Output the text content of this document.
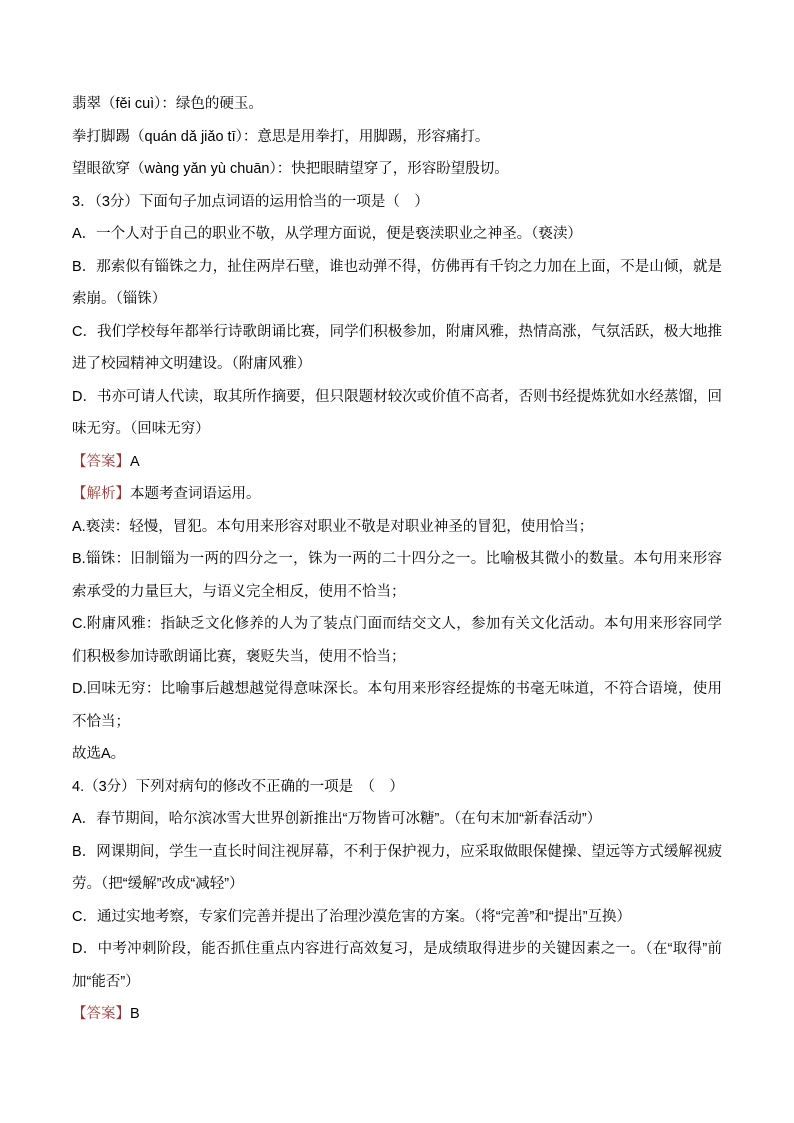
翡翠（fěi cuì）：绿色的硬玉。

拳打脚踢（quán dǎ jiǎo tī）：意思是用拳打，用脚踢，形容痛打。

望眼欲穿（wàng yǎn yù chuān）：快把眼睛望穿了，形容盼望殷切。

3．（3分）下面句子加点词语的运用恰当的一项是（　）

A．一个人对于自己的职业不敬，从学理方面说，便是亵渎职业之神圣。（亵渎）

B．那索似有锱铢之力，扯住两岸石壁，谁也动弹不得，仿佛再有千钧之力加在上面，不是山倾，就是索崩。（锱铢）

C．我们学校每年都举行诗歌朗诵比赛，同学们积极参加，附庸风雅，热情高涨，气氛活跃，极大地推进了校园精神文明建设。（附庸风雅）

D．书亦可请人代读，取其所作摘要，但只限题材较次或价值不高者，否则书经提炼犹如水经蒸馏，回味无穷。（回味无穷）

【答案】A

【解析】本题考查词语运用。

A.亵渎：轻慢，冒犯。本句用来形容对职业不敬是对职业神圣的冒犯，使用恰当；

B.锱铢：旧制锱为一两的四分之一，铢为一两的二十四分之一。比喻极其微小的数量。本句用来形容索承受的力量巨大，与语义完全相反，使用不恰当；

C.附庸风雅：指缺乏文化修养的人为了装点门面而结交文人，参加有关文化活动。本句用来形容同学们积极参加诗歌朗诵比赛，褒贬失当，使用不恰当；

D.回味无穷：比喻事后越想越觉得意味深长。本句用来形容经提炼的书毫无味道，不符合语境，使用不恰当；

故选A。

4.（3分）下列对病句的修改不正确的一项是　（　）

A．春节期间，哈尔滨冰雪大世界创新推出“万物皆可冰糖”。（在句末加“新春活动”）

B．网课期间，学生一直长时间注视屏幕，不利于保护视力，应采取做眼保健操、望远等方式缓解视疲劳。（把“缓解”改成“减轻”）

C．通过实地考察，专家们完善并提出了治理沙漠危害的方案。（将“完善”和“提出”互换）

D．中考冲刺阶段，能否抓住重点内容进行高效复习，是成绩取得进步的关键因素之一。（在“取得”前加“能否”）

【答案】B
